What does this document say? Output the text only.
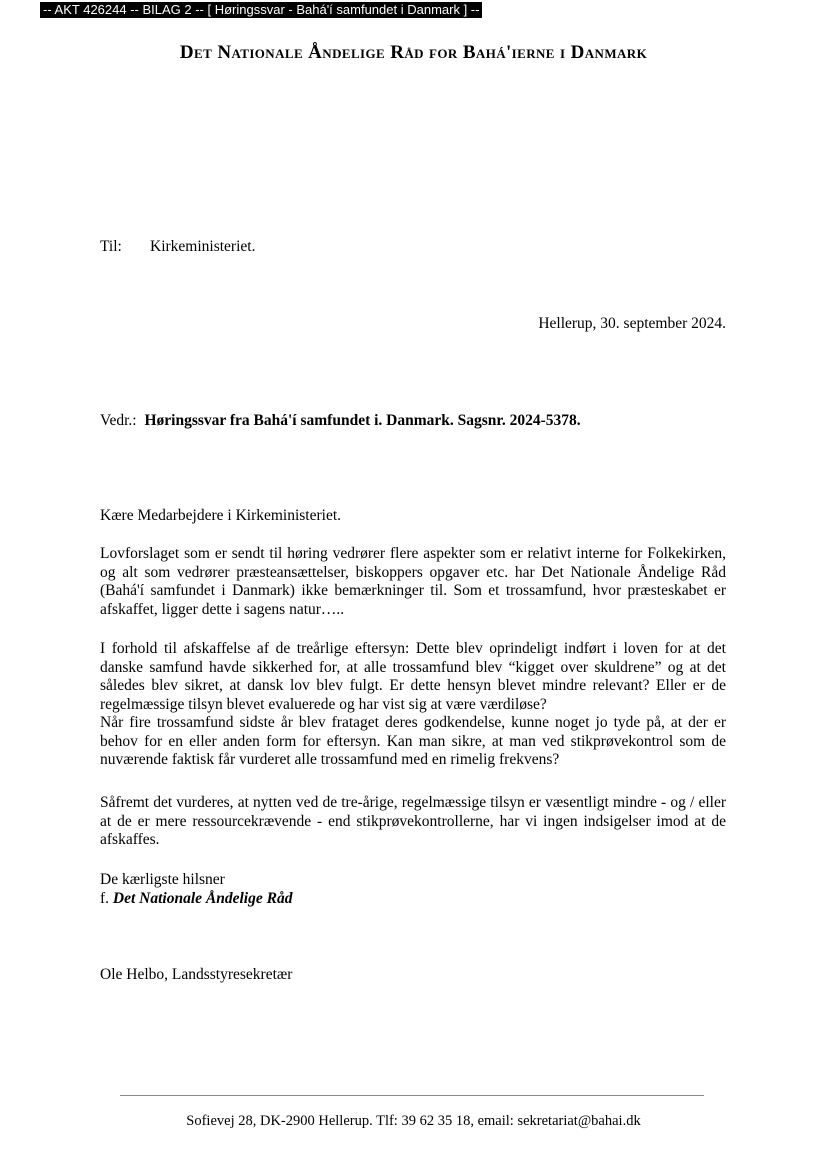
-- AKT 426244 -- BILAG 2 -- [ Høringssvar - Bahá'í samfundet i Danmark ] --
Det Nationale Åndelige Råd for Bahá'ierne i Danmark
Til: Kirkeministeriet.
Hellerup, 30. september 2024.
Vedr.: Høringssvar fra Bahá'í samfundet i. Danmark. Sagsnr. 2024-5378.
Kære Medarbejdere i Kirkeministeriet.

Lovforslaget som er sendt til høring vedrører flere aspekter som er relativt interne for Folkekirken, og alt som vedrører præsteansættelser, biskoppers opgaver etc. har Det Nationale Åndelige Råd (Bahá'í samfundet i Danmark) ikke bemærkninger til. Som et trossamfund, hvor præsteskabet er afskaffet, ligger dette i sagens natur…..

I forhold til afskaffelse af de treårlige eftersyn: Dette blev oprindeligt indført i loven for at det danske samfund havde sikkerhed for, at alle trossamfund blev “kigget over skuldrene” og at det således blev sikret, at dansk lov blev fulgt. Er dette hensyn blevet mindre relevant? Eller er de regelmæssige tilsyn blevet evaluerede og har vist sig at være værdiløse?
Når fire trossamfund sidste år blev frataget deres godkendelse, kunne noget jo tyde på, at der er behov for en eller anden form for eftersyn. Kan man sikre, at man ved stikprøvekontrol som de nuværende faktisk får vurderet alle trossamfund med en rimelig frekvens?

Såfremt det vurderes, at nytten ved de tre-årige, regelmæssige tilsyn er væsentligt mindre - og / eller at de er mere ressourcekrævende - end stikprøvekontrollerne, har vi ingen indsigelser imod at de afskaffes.

De kærligste hilsner
f. Det Nationale Åndelige Råd
Ole Helbo, Landsstyresekretær
Sofievej 28, DK-2900 Hellerup. Tlf: 39 62 35 18, email: sekretariat@bahai.dk
